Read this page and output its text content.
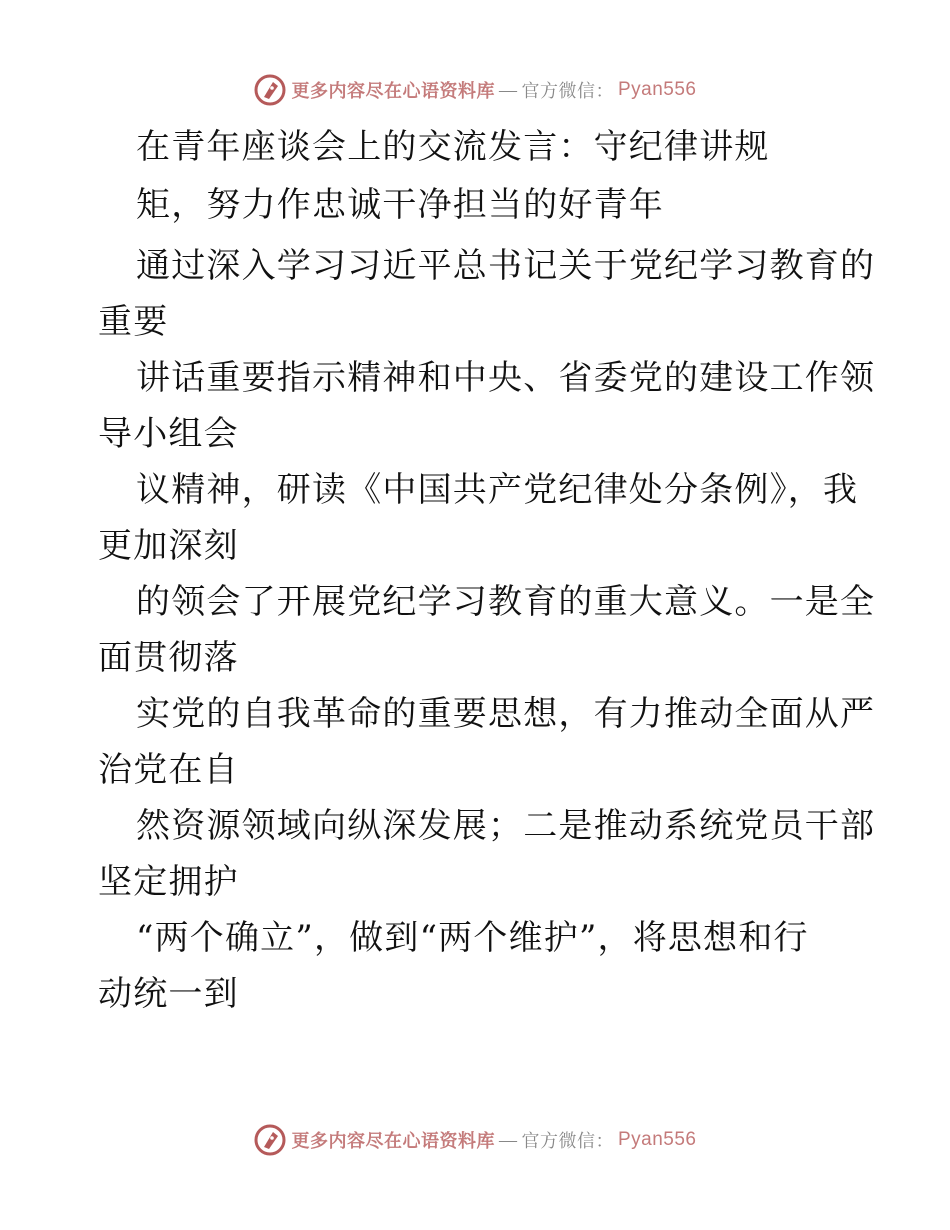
更多内容尽在心语资料库 — 官方微信： Pyan556
在青年座谈会上的交流发言：守纪律讲规
矩，努力作忠诚干净担当的好青年
通过深入学习习近平总书记关于党纪学习教育的
重要
讲话重要指示精神和中央、省委党的建设工作领
导小组会
议精神，研读《中国共产党纪律处分条例》，我
更加深刻
的领会了开展党纪学习教育的重大意义。一是全
面贯彻落
实党的自我革命的重要思想，有力推动全面从严
治党在自
然资源领域向纵深发展；二是推动系统党员干部
坚定拥护
“两个确立”，做到“两个维护”，将思想和行
动统一到
更多内容尽在心语资料库 — 官方微信： Pyan556
